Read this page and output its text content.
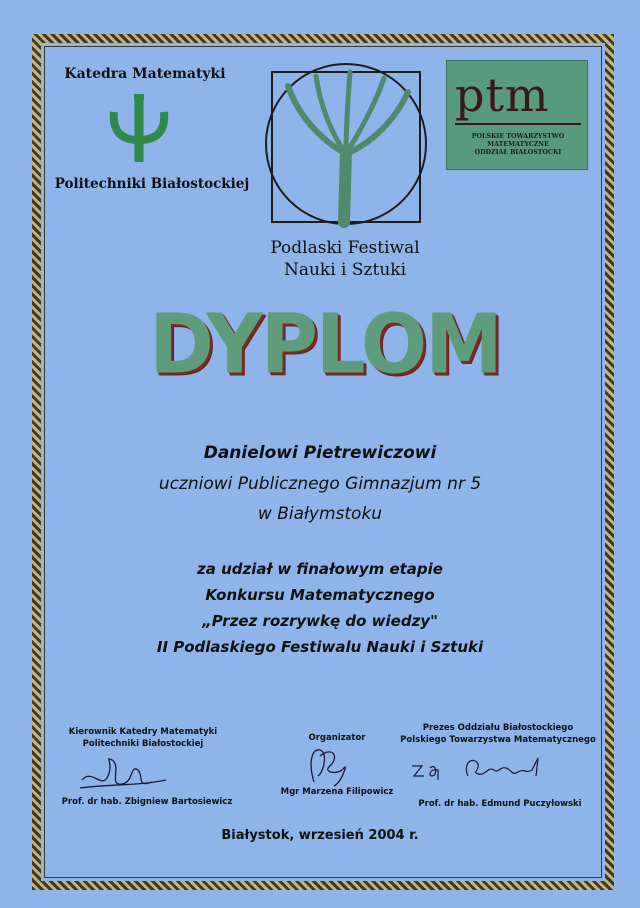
Katedra Matematyki
Politechniki Białostockiej
Podlaski Festiwal
Nauki i Sztuki
ptm
POLSKIE TOWARZYSTWO
MATEMATYCZNE
ODDZIAŁ BIAŁOSTOCKI
DYPLOM
Danielowi Pietrewiczowi
uczniowi Publicznego Gimnazjum nr 5
w Białymstoku
za udział w finałowym etapie
Konkursu Matematycznego
„Przez rozrywkę do wiedzy"
II Podlaskiego Festiwalu Nauki i Sztuki
Kierownik Katedry Matematyki
Politechniki Białostockiej
Prof. dr hab. Zbigniew Bartosiewicz
Organizator
Mgr Marzena Filipowicz
Prezes Oddziału Białostockiego
Polskiego Towarzystwa Matematycznego
Prof. dr hab. Edmund Puczyłowski
Białystok, wrzesień 2004 r.
